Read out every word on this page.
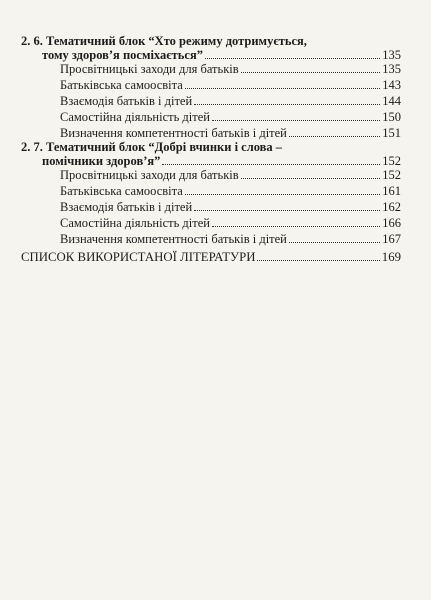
2. 6. Тематичний блок “Хто режиму дотримується,
тому здоров’я посміхається”	135
Просвітницькі заходи для батьків	135
Батьківська самоосвіта	143
Взаємодія батьків і дітей	144
Самостійна діяльність дітей	150
Визначення компетентності батьків і дітей	151
2. 7. Тематичний блок “Добрі вчинки і слова –
помічники здоров’я”	152
Просвітницькі заходи для батьків	152
Батьківська самоосвіта	161
Взаємодія батьків і дітей	162
Самостійна діяльність дітей	166
Визначення компетентності батьків і дітей	167
СПИСОК ВИКОРИСТАНОЇ ЛІТЕРАТУРИ	169
